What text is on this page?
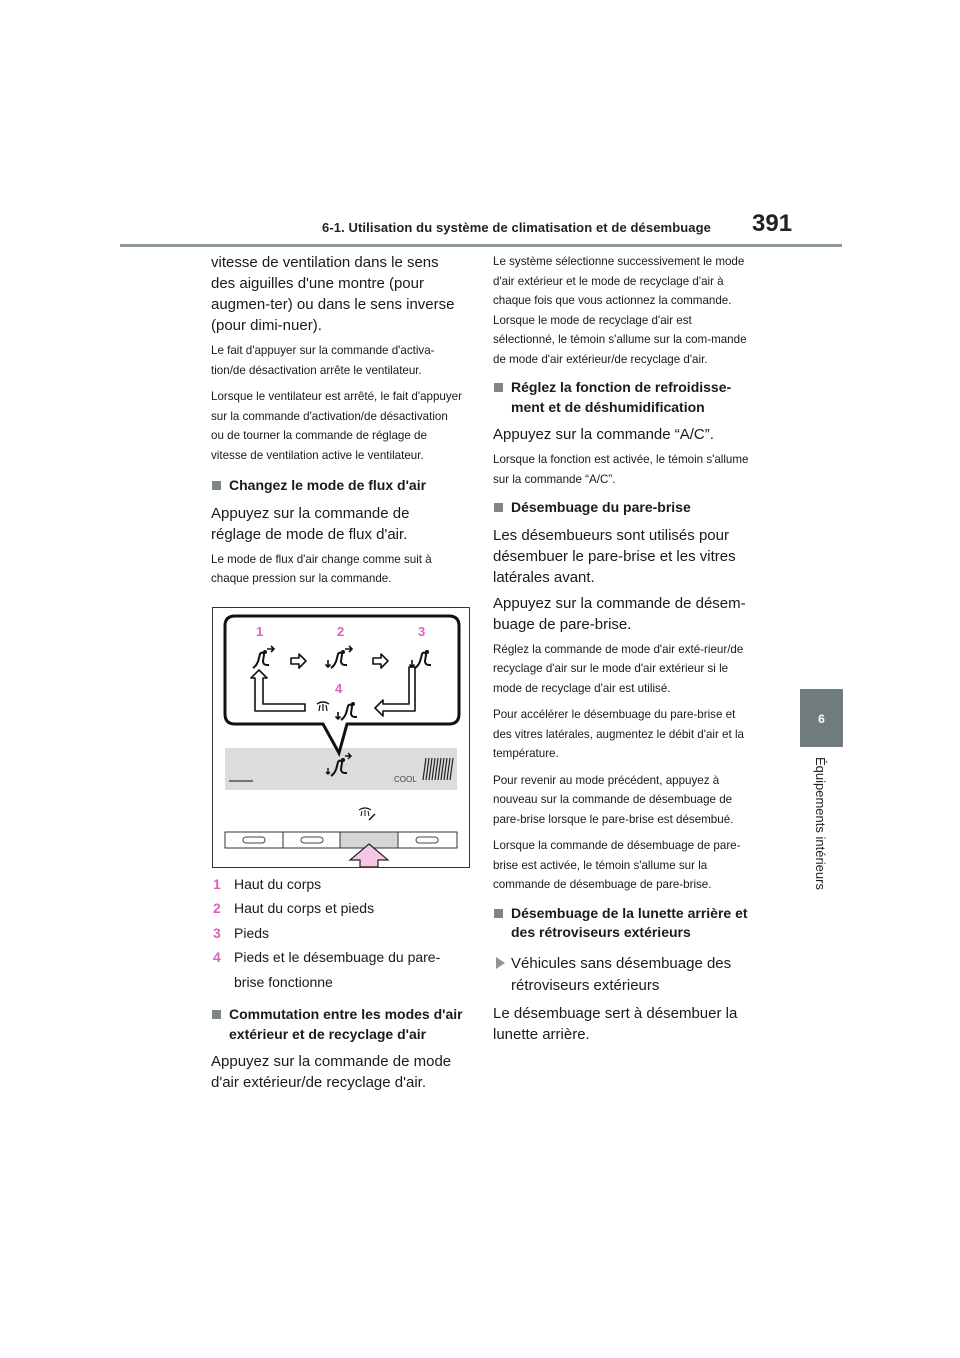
6-1. Utilisation du système de climatisation et de désembuage 391
6
Équipements intérieurs

vitesse de ventilation dans le sens des aiguilles d'une montre (pour augmen-ter) ou dans le sens inverse (pour dimi-nuer).

Le fait d'appuyer sur la commande d'activa-tion/de désactivation arrête le ventilateur.

Lorsque le ventilateur est arrêté, le fait d'appuyer sur la commande d'activation/de désactivation ou de tourner la commande de réglage de vitesse de ventilation active le ventilateur.

Changez le mode de flux d'air

Appuyez sur la commande de réglage de mode de flux d'air.

Le mode de flux d'air change comme suit à chaque pression sur la commande.

COOL
1	2	3
4
1 Haut du corps
2 Haut du corps et pieds
3 Pieds
4 Pieds et le désembuage du pare-brise fonctionne
Commutation entre les modes d'air extérieur et de recyclage d'air

Appuyez sur la commande de mode d'air extérieur/de recyclage d'air.

Le système sélectionne successivement le mode d'air extérieur et le mode de recyclage d'air à chaque fois que vous actionnez la commande. Lorsque le mode de recyclage d'air est sélectionné, le témoin s'allume sur la com-mande de mode d'air extérieur/de recyclage d'air.

Réglez la fonction de refroidisse-ment et de déshumidification

Appuyez sur la commande “A/C”.

Lorsque la fonction est activée, le témoin s'allume sur la commande “A/C”.

Désembuage du pare-brise

Les désembueurs sont utilisés pour désembuer le pare-brise et les vitres latérales avant.

Appuyez sur la commande de désem-buage de pare-brise.

Réglez la commande de mode d'air exté-rieur/de recyclage d'air sur le mode d'air extérieur si le mode de recyclage d'air est utilisé.

Pour accélérer le désembuage du pare-brise et des vitres latérales, augmentez le débit d'air et la température.

Pour revenir au mode précédent, appuyez à nouveau sur la commande de désembuage de pare-brise lorsque le pare-brise est désembué.

Lorsque la commande de désembuage de pare-brise est activée, le témoin s'allume sur la commande de désembuage de pare-brise.

Désembuage de la lunette arrière et des rétroviseurs extérieurs
Véhicules sans désembuage des rétroviseurs extérieurs

Le désembuage sert à désembuer la lunette arrière.
